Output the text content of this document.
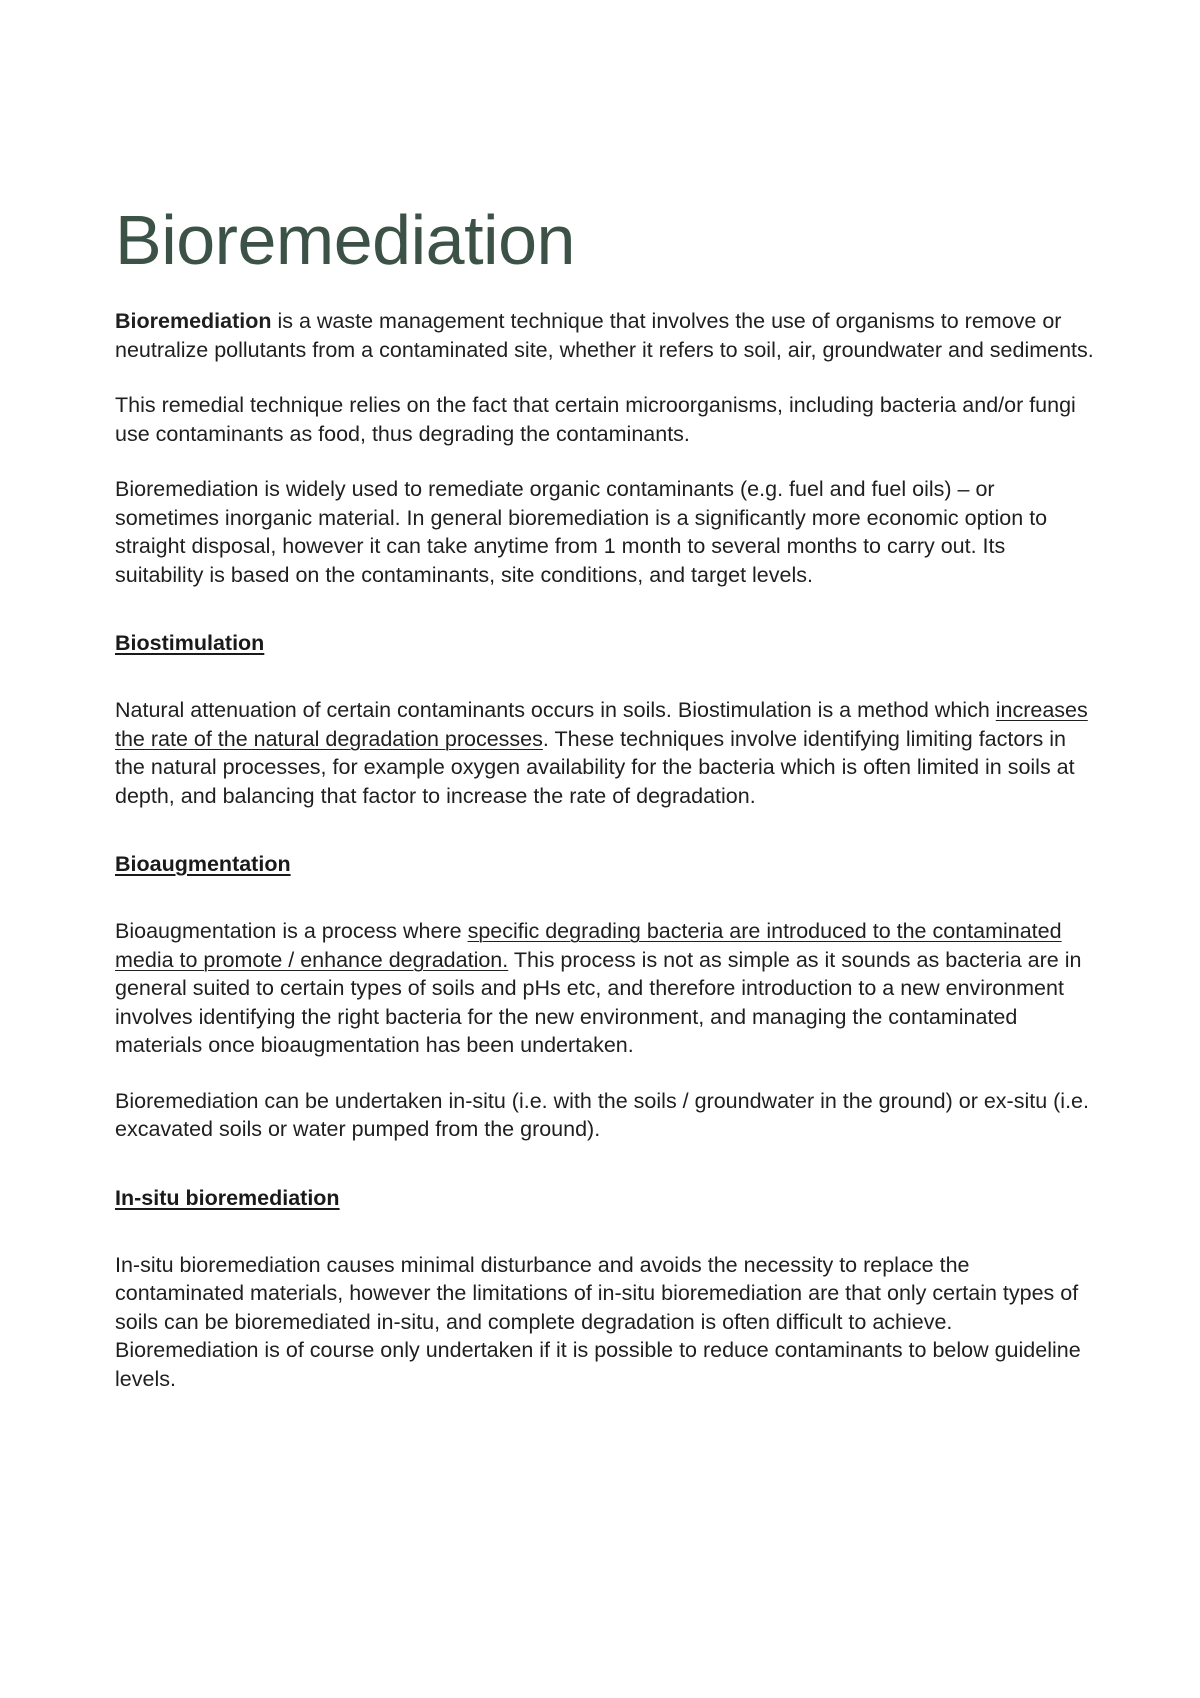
Bioremediation

Bioremediation is a waste management technique that involves the use of organisms to remove or neutralize pollutants from a contaminated site, whether it refers to soil, air, groundwater and sediments.

This remedial technique relies on the fact that certain microorganisms, including bacteria and/or fungi use contaminants as food, thus degrading the contaminants.

Bioremediation is widely used to remediate organic contaminants (e.g. fuel and fuel oils) – or sometimes inorganic material. In general bioremediation is a significantly more economic option to straight disposal, however it can take anytime from 1 month to several months to carry out. Its suitability is based on the contaminants, site conditions, and target levels.

Biostimulation

Natural attenuation of certain contaminants occurs in soils. Biostimulation is a method which increases the rate of the natural degradation processes. These techniques involve identifying limiting factors in the natural processes, for example oxygen availability for the bacteria which is often limited in soils at depth, and balancing that factor to increase the rate of degradation.

Bioaugmentation

Bioaugmentation is a process where specific degrading bacteria are introduced to the contaminated media to promote / enhance degradation. This process is not as simple as it sounds as bacteria are in general suited to certain types of soils and pHs etc, and therefore introduction to a new environment involves identifying the right bacteria for the new environment, and managing the contaminated materials once bioaugmentation has been undertaken.

Bioremediation can be undertaken in-situ (i.e. with the soils / groundwater in the ground) or ex-situ (i.e. excavated soils or water pumped from the ground).

In-situ bioremediation

In-situ bioremediation causes minimal disturbance and avoids the necessity to replace the contaminated materials, however the limitations of in-situ bioremediation are that only certain types of soils can be bioremediated in-situ, and complete degradation is often difficult to achieve. Bioremediation is of course only undertaken if it is possible to reduce contaminants to below guideline levels.
